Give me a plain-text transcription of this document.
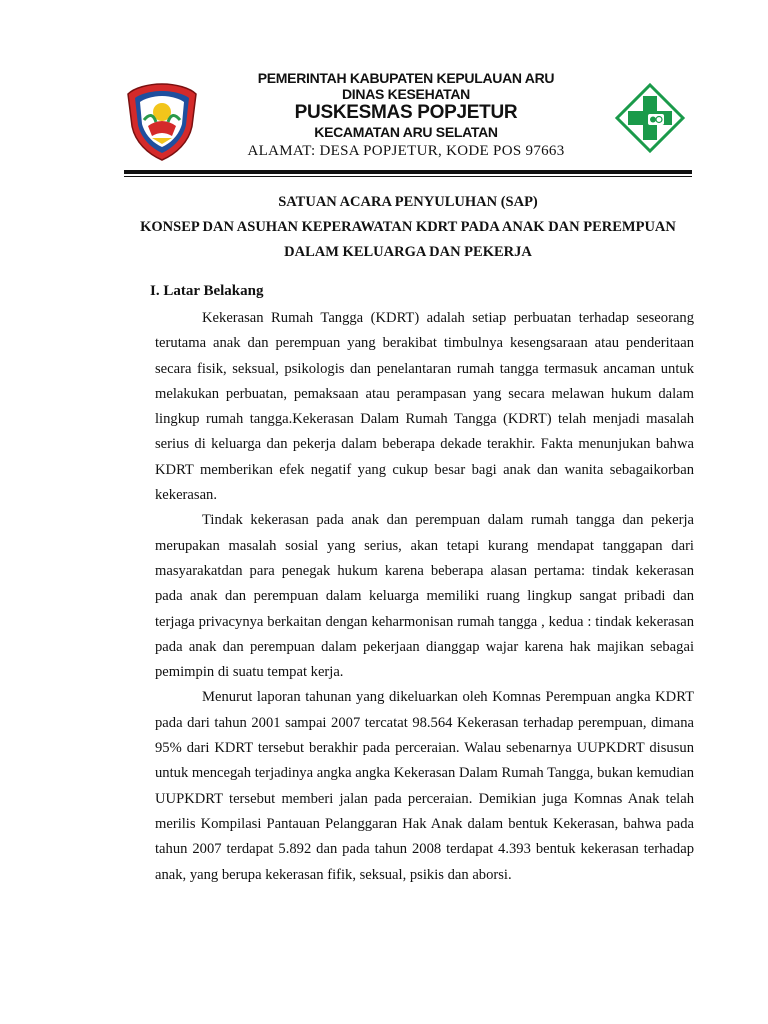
PEMERINTAH KABUPATEN KEPULAUAN ARU
DINAS KESEHATAN
PUSKESMAS POPJETUR
KECAMATAN ARU SELATAN
ALAMAT: DESA POPJETUR, KODE POS 97663
SATUAN ACARA PENYULUHAN (SAP)
KONSEP DAN ASUHAN KEPERAWATAN KDRT PADA ANAK DAN PEREMPUAN
DALAM KELUARGA DAN PEKERJA
I. Latar Belakang

Kekerasan Rumah Tangga (KDRT) adalah setiap perbuatan terhadap seseorang terutama anak dan perempuan yang berakibat timbulnya kesengsaraan atau penderitaan secara fisik, seksual, psikologis dan penelantaran rumah tangga termasuk ancaman untuk melakukan perbuatan, pemaksaan atau perampasan yang secara melawan hukum dalam lingkup rumah tangga.Kekerasan Dalam Rumah Tangga (KDRT) telah menjadi masalah serius di keluarga dan pekerja dalam beberapa dekade terakhir. Fakta menunjukan bahwa KDRT memberikan efek negatif yang cukup besar bagi anak dan wanita sebagaikorban kekerasan.

Tindak kekerasan pada anak dan perempuan dalam rumah tangga dan pekerja merupakan masalah sosial yang serius, akan tetapi kurang mendapat tanggapan dari masyarakatdan para penegak hukum karena beberapa alasan pertama: tindak kekerasan pada anak dan perempuan dalam keluarga memiliki ruang lingkup sangat pribadi dan terjaga privacynya berkaitan dengan keharmonisan rumah tangga , kedua : tindak kekerasan pada anak dan perempuan dalam pekerjaan dianggap wajar karena hak majikan sebagai pemimpin di suatu tempat kerja.

Menurut laporan tahunan yang dikeluarkan oleh Komnas Perempuan angka KDRT pada dari tahun 2001 sampai 2007 tercatat 98.564 Kekerasan terhadap perempuan, dimana 95% dari KDRT tersebut berakhir pada perceraian. Walau sebenarnya UUPKDRT disusun untuk mencegah terjadinya angka angka Kekerasan Dalam Rumah Tangga, bukan kemudian UUPKDRT tersebut memberi jalan pada perceraian. Demikian juga Komnas Anak telah merilis Kompilasi Pantauan Pelanggaran Hak Anak dalam bentuk Kekerasan, bahwa pada tahun 2007 terdapat 5.892 dan pada tahun 2008 terdapat 4.393 bentuk kekerasan terhadap anak, yang berupa kekerasan fifik, seksual, psikis dan aborsi.
